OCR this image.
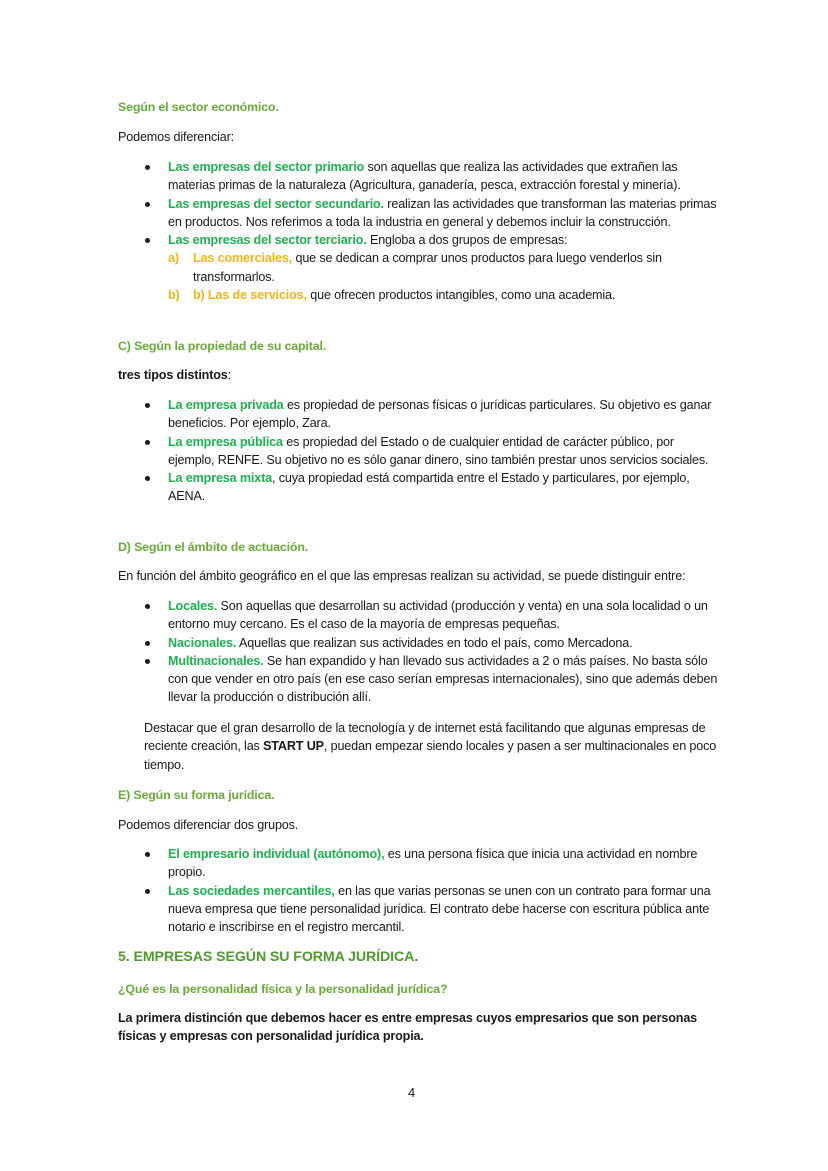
Según el sector económico.
Podemos diferenciar:
Las empresas del sector primario son aquellas que realiza las actividades que extrañen las materias primas de la naturaleza (Agricultura, ganadería, pesca, extracción forestal y minería).
Las empresas del sector secundario. realizan las actividades que transforman las materias primas en productos. Nos referimos a toda la industria en general y debemos incluir la construcción.
Las empresas del sector terciario. Engloba a dos grupos de empresas:
a) Las comerciales, que se dedican a comprar unos productos para luego venderlos sin transformarlos.
b) b) Las de servicios, que ofrecen productos intangibles, como una academia.
C) Según la propiedad de su capital.
tres tipos distintos:
La empresa privada es propiedad de personas físicas o jurídicas particulares. Su objetivo es ganar beneficios. Por ejemplo, Zara.
La empresa pública es propiedad del Estado o de cualquier entidad de carácter público, por ejemplo, RENFE. Su objetivo no es sólo ganar dinero, sino también prestar unos servicios sociales.
La empresa mixta, cuya propiedad está compartida entre el Estado y particulares, por ejemplo, AENA.
D) Según el ámbito de actuación.
En función del ámbito geográfico en el que las empresas realizan su actividad, se puede distinguir entre:
Locales. Son aquellas que desarrollan su actividad (producción y venta) en una sola localidad o un entorno muy cercano. Es el caso de la mayoría de empresas pequeñas.
Nacionales. Aquellas que realizan sus actividades en todo el país, como Mercadona.
Multinacionales. Se han expandido y han llevado sus actividades a 2 o más países. No basta sólo con que vender en otro país (en ese caso serían empresas internacionales), sino que además deben llevar la producción o distribución allí.
Destacar que el gran desarrollo de la tecnología y de internet está facilitando que algunas empresas de reciente creación, las START UP, puedan empezar siendo locales y pasen a ser multinacionales en poco tiempo.
E) Según su forma jurídica.
Podemos diferenciar dos grupos.
El empresario individual (autónomo), es una persona física que inicia una actividad en nombre propio.
Las sociedades mercantiles, en las que varias personas se unen con un contrato para formar una nueva empresa que tiene personalidad jurídica. El contrato debe hacerse con escritura pública ante notario e inscribirse en el registro mercantil.
5. EMPRESAS SEGÚN SU FORMA JURÍDICA.
¿Qué es la personalidad física y la personalidad jurídica?
La primera distinción que debemos hacer es entre empresas cuyos empresarios que son personas físicas y empresas con personalidad jurídica propia.
4
